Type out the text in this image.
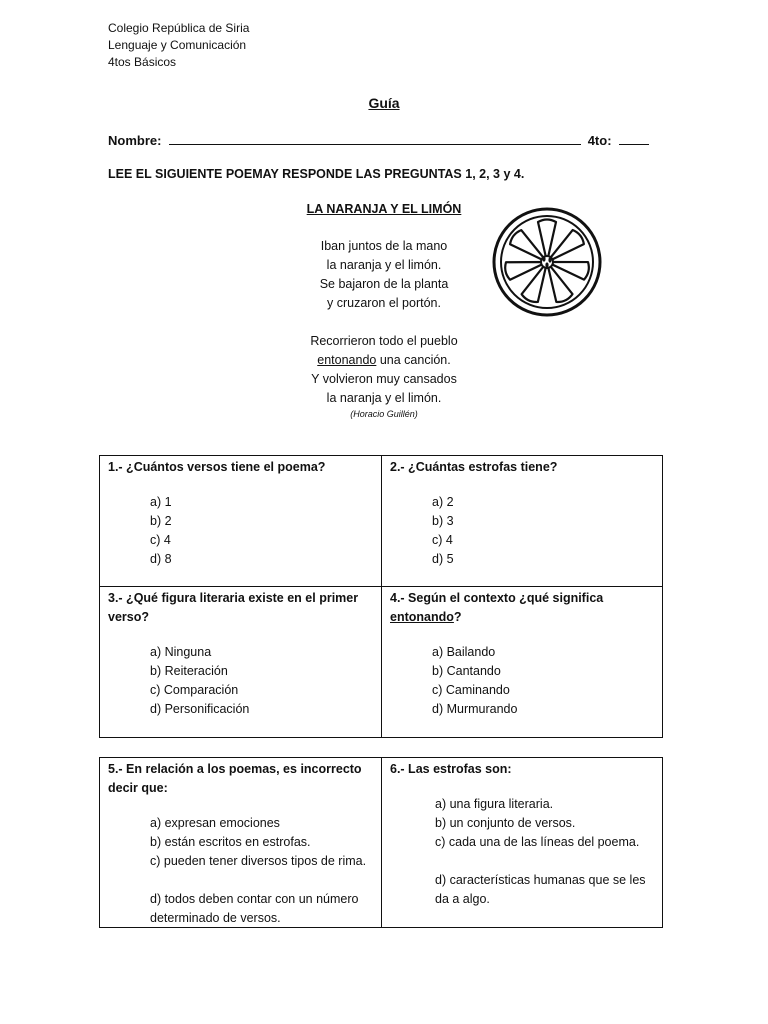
Colegio República de Siria
Lenguaje y Comunicación
4tos Básicos
Guía
Nombre:	4to:
LEE EL SIGUIENTE POEMAY RESPONDE LAS PREGUNTAS 1, 2, 3 y 4.
LA NARANJA Y EL LIMÓN
Iban juntos de la mano
la naranja y el limón.
Se bajaron de la planta
y cruzaron el portón.
Recorrieron todo el pueblo
entonando una canción.
Y volvieron muy cansados
la naranja y el limón.
(Horacio Guillén)
1.- ¿Cuántos versos tiene el poema?
a) 1
b) 2
c) 4
d) 8
2.- ¿Cuántas estrofas tiene?
a) 2
b) 3
c) 4
d) 5
3.- ¿Qué figura literaria existe en el primer verso?
a) Ninguna
b) Reiteración
c) Comparación
d) Personificación
4.- Según el contexto ¿qué significa entonando?
a) Bailando
b) Cantando
c) Caminando
d) Murmurando
5.- En relación a los poemas, es incorrecto decir que:
a) expresan emociones
b) están escritos en estrofas.
c) pueden tener diversos tipos de rima.
d) todos deben contar con un número determinado de versos.
6.- Las estrofas son:
a) una figura literaria.
b) un conjunto de versos.
c) cada una de las líneas del poema.
d) características humanas que se les da a algo.
